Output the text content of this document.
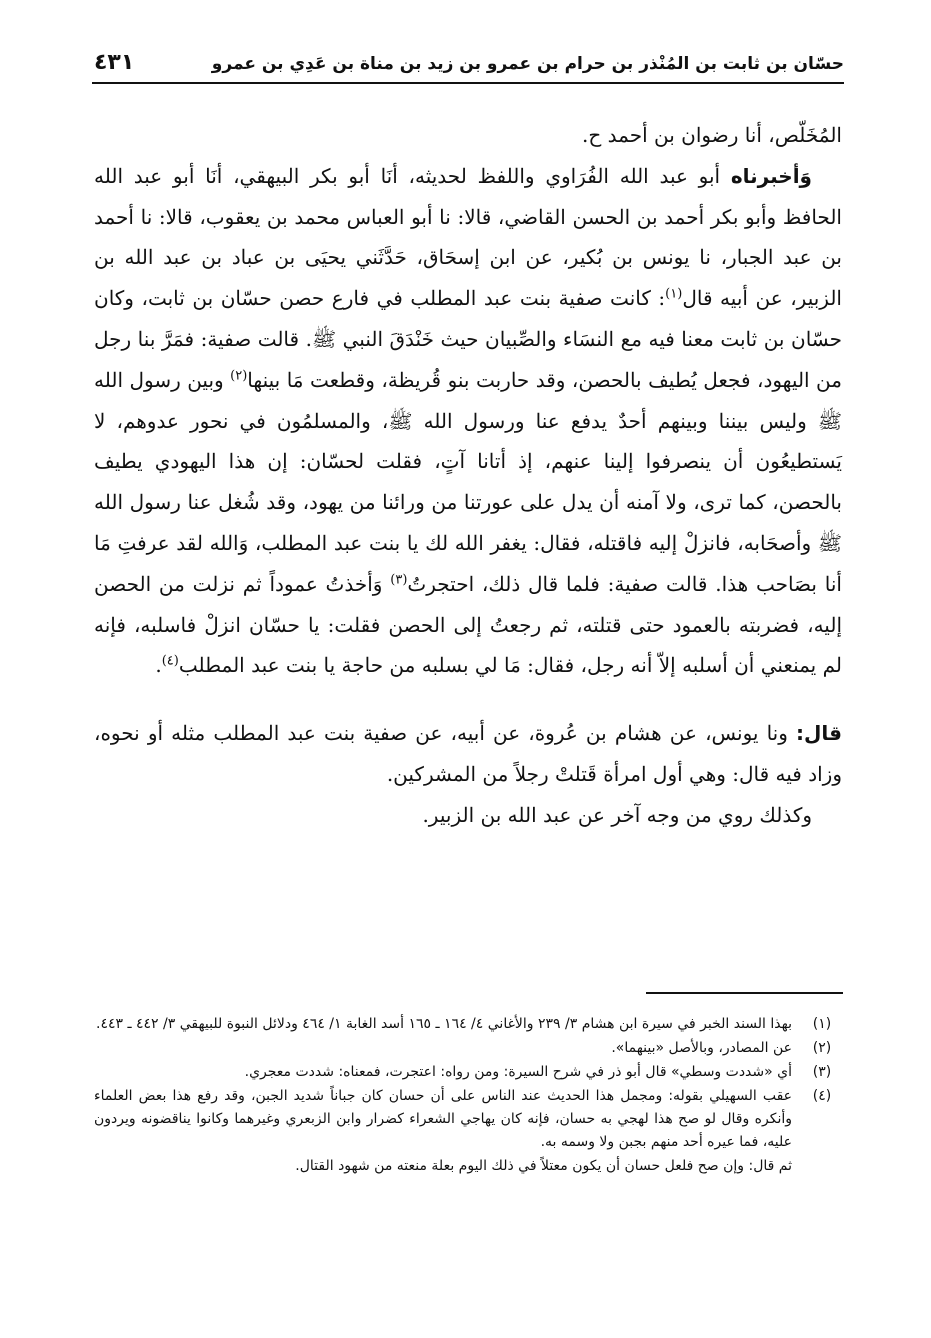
حسّان بن ثابت بن المُنْذر بن حرام بن عمرو بن زيد بن مناة بن عَدِي بن عمرو
٤٣١

المُخَلّص، أنا رضوان بن أحمد ح.

وَأخبرناه أبو عبد الله الفُرَاوي واللفظ لحديثه، أنَا أبو بكر البيهقي، أنَا أبو عبد الله الحافظ وأبو بكر أحمد بن الحسن القاضي، قالا: نا أبو العباس محمد بن يعقوب، قالا: نا أحمد بن عبد الجبار، نا يونس بن بُكير، عن ابن إسحَاق، حَدَّثَني يحيَى بن عباد بن عبد الله بن الزبير، عن أبيه قال$^{(١)}$: كانت صفية بنت عبد المطلب في فارع حصن حسّان بن ثابت، وكان حسّان بن ثابت معنا فيه مع النسَاء والصِّبيان حيث خَنْدَقَ النبي ﷺ. قالت صفية: فمَرَّ بنا رجل من اليهود، فجعل يُطيف بالحصن، وقد حاربت بنو قُريظة، وقطعت مَا بينها$^{(٢)}$ وبين رسول الله ﷺ وليس بيننا وبينهم أحدٌ يدفع عنا ورسول الله ﷺ، والمسلمُون في نحور عدوهم، لا يَستطيعُون أن ينصرفوا إلينا عنهم، إذ أتانا آتٍ، فقلت لحسّان: إن هذا اليهودي يطيف بالحصن، كما ترى، ولا آمنه أن يدل على عورتنا من ورائنا من يهود، وقد شُغل عنا رسول الله ﷺ وأصحَابه، فانزلْ إليه فاقتله، فقال: يغفر الله لك يا بنت عبد المطلب، وَالله لقد عرفتِ مَا أنا بصَاحب هذا. قالت صفية: فلما قال ذلك، احتجرتُ$^{(٣)}$ وَأخذتُ عموداً ثم نزلت من الحصن إليه، فضربته بالعمود حتى قتلته، ثم رجعتُ إلى الحصن فقلت: يا حسّان انزلْ فاسلبه، فإنه لم يمنعني أن أسلبه إلاّ أنه رجل، فقال: مَا لي بسلبه من حاجة يا بنت عبد المطلب$^{(٤)}$.

قال: ونا يونس، عن هشام بن عُروة، عن أبيه، عن صفية بنت عبد المطلب مثله أو نحوه، وزاد فيه قال: وهي أول امرأة قَتلتْ رجلاً من المشركين.

وكذلك روي من وجه آخر عن عبد الله بن الزبير.

(١)
بهذا السند الخبر في سيرة ابن هشام ٣/ ٢٣٩ والأغاني ٤/ ١٦٤ ـ ١٦٥ أسد الغابة ١/ ٤٦٤ ودلائل النبوة للبيهقي ٣/ ٤٤٢ ـ ٤٤٣.
(٢)
عن المصادر، وبالأصل «بينهما».
(٣)
أي «شددت وسطي» قال أبو ذر في شرح السيرة: ومن رواه: اعتجرت، فمعناه: شددت معجري.
(٤)
عقب السهيلي بقوله: ومجمل هذا الحديث عند الناس على أن حسان كان جباناً شديد الجبن، وقد رفع هذا بعض العلماء وأنكره وقال لو صح هذا لهجي به حسان، فإنه كان يهاجي الشعراء كضرار وابن الزبعري وغيرهما وكانوا يناقضونه ويردون عليه، فما عيره أحد منهم بجبن ولا وسمه به.
ثم قال: وإن صح فلعل حسان أن يكون معتلاً في ذلك اليوم بعلة منعته من شهود القتال.
